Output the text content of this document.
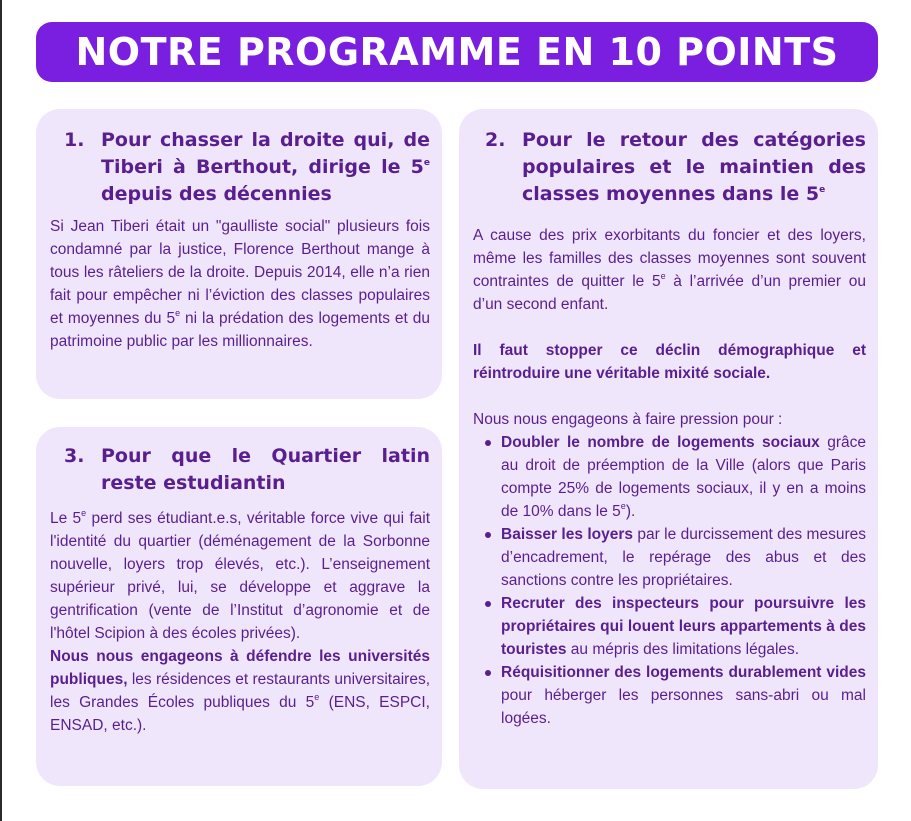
NOTRE PROGRAMME EN 10 POINTS
1. Pour chasser la droite qui, de Tiberi à Berthout, dirige le 5e depuis des décennies

Si Jean Tiberi était un "gaulliste social" plusieurs fois condamné par la justice, Florence Berthout mange à tous les râteliers de la droite. Depuis 2014, elle n’a rien fait pour empêcher ni l’éviction des classes populaires et moyennes du 5e ni la prédation des logements et du patrimoine public par les millionnaires.

3. Pour que le Quartier latin reste estudiantin

Le 5e perd ses étudiant.e.s, véritable force vive qui fait l'identité du quartier (déménagement de la Sorbonne nouvelle, loyers trop élevés, etc.). L’enseignement supérieur privé, lui, se développe et aggrave la gentrification (vente de l’Institut d’agronomie et de l'hôtel Scipion à des écoles privées).

Nous nous engageons à défendre les universités publiques, les résidences et restaurants universitaires, les Grandes Écoles publiques du 5e (ENS, ESPCI, ENSAD, etc.).

2. Pour le retour des catégories populaires et le maintien des classes moyennes dans le 5e

A cause des prix exorbitants du foncier et des loyers, même les familles des classes moyennes sont souvent contraintes de quitter le 5e à l’arrivée d’un premier ou d’un second enfant.

Il faut stopper ce déclin démographique et réintroduire une véritable mixité sociale.

Nous nous engageons à faire pression pour :

Doubler le nombre de logements sociaux grâce au droit de préemption de la Ville (alors que Paris compte 25% de logements sociaux, il y en a moins de 10% dans le 5e).
Baisser les loyers par le durcissement des mesures d’encadrement, le repérage des abus et des sanctions contre les propriétaires.
Recruter des inspecteurs pour poursuivre les propriétaires qui louent leurs appartements à des touristes au mépris des limitations légales.
Réquisitionner des logements durablement vides pour héberger les personnes sans-abri ou mal logées.
